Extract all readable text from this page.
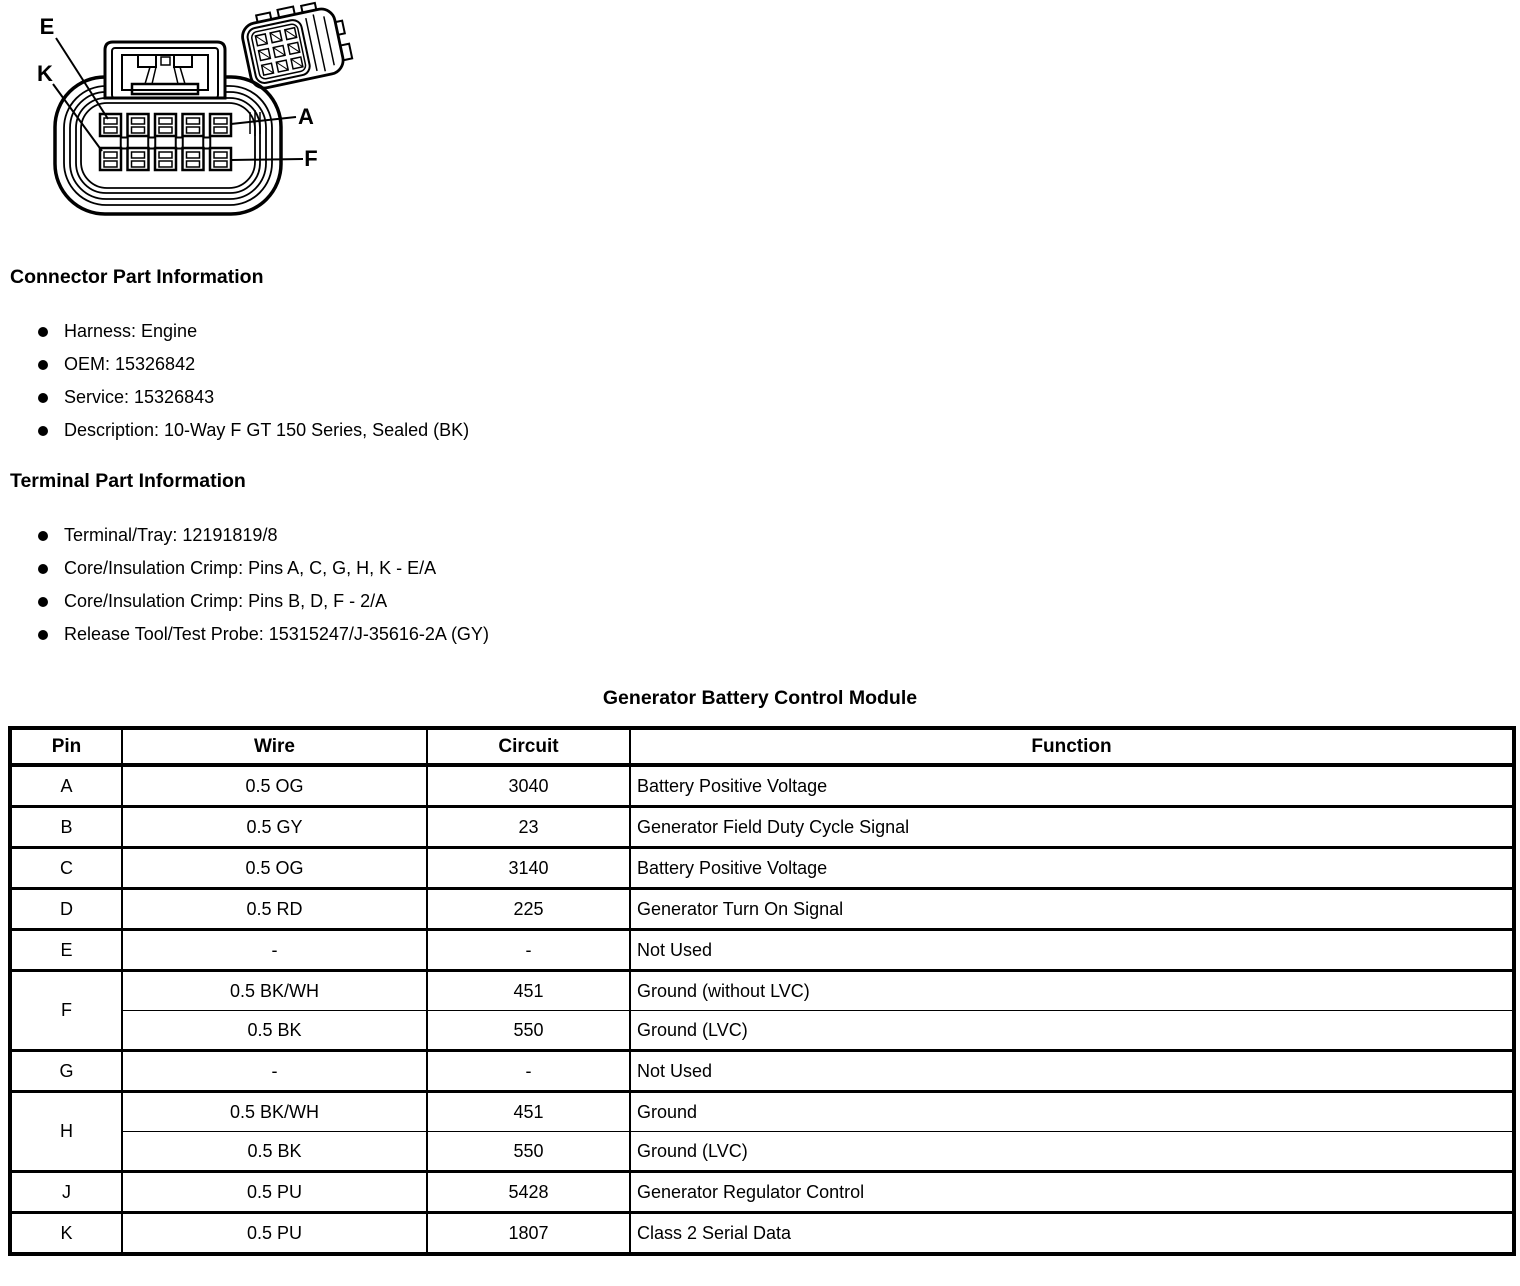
E
K
A
F
Connector Part Information
Harness: Engine
OEM: 15326842
Service: 15326843
Description: 10-Way F GT 150 Series, Sealed (BK)
Terminal Part Information
Terminal/Tray: 12191819/8
Core/Insulation Crimp: Pins A, C, G, H, K - E/A
Core/Insulation Crimp: Pins B, D, F - 2/A
Release Tool/Test Probe: 15315247/J-35616-2A (GY)
Generator Battery Control Module
Pin	Wire	Circuit	Function
A	0.5 OG	3040	Battery Positive Voltage
B	0.5 GY	23	Generator Field Duty Cycle Signal
C	0.5 OG	3140	Battery Positive Voltage
D	0.5 RD	225	Generator Turn On Signal
E	-	-	Not Used
F	0.5 BK/WH	451	Ground (without LVC)
	0.5 BK	550	Ground (LVC)
G	-	-	Not Used
H	0.5 BK/WH	451	Ground
	0.5 BK	550	Ground (LVC)
J	0.5 PU	5428	Generator Regulator Control
K	0.5 PU	1807	Class 2 Serial Data
